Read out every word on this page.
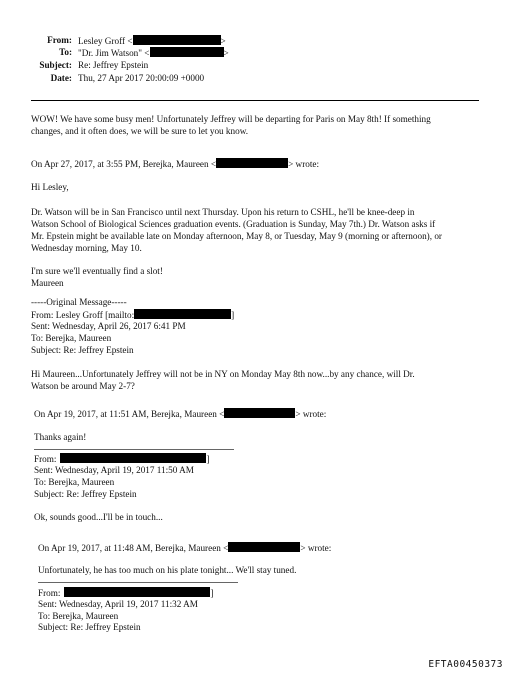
From: Lesley Groff <	>
To: "Dr. Jim Watson" <	>
Subject: Re: Jeffrey Epstein
Date: Thu, 27 Apr 2017 20:00:09 +0000
WOW! We have some busy men! Unfortunately Jeffrey will be departing for Paris on May 8th! If something
changes, and it often does, we will be sure to let you know.
On Apr 27, 2017, at 3:55 PM, Berejka, Maureen <	> wrote:
Hi Lesley,
Dr. Watson will be in San Francisco until next Thursday. Upon his return to CSHL, he'll be knee-deep in
Watson School of Biological Sciences graduation events. (Graduation is Sunday, May 7th.) Dr. Watson asks if
Mr. Epstein might be available late on Monday afternoon, May 8, or Tuesday, May 9 (morning or afternoon), or
Wednesday morning, May 10.
I'm sure we'll eventually find a slot!
Maureen
-----Original Message-----
From: Lesley Groff [mailto:	]
Sent: Wednesday, April 26, 2017 6:41 PM
To: Berejka, Maureen
Subject: Re: Jeffrey Epstein
Hi Maureen...Unfortunately Jeffrey will not be in NY on Monday May 8th now...by any chance, will Dr.
Watson be around May 2-7?
On Apr 19, 2017, at 11:51 AM, Berejka, Maureen <	> wrote:
Thanks again!
From:	]
Sent: Wednesday, April 19, 2017 11:50 AM
To: Berejka, Maureen
Subject: Re: Jeffrey Epstein
Ok, sounds good...I'll be in touch...
On Apr 19, 2017, at 11:48 AM, Berejka, Maureen <	> wrote:
Unfortunately, he has too much on his plate tonight... We'll stay tuned.
From:	]
Sent: Wednesday, April 19, 2017 11:32 AM
To: Berejka, Maureen
Subject: Re: Jeffrey Epstein
EFTA00450373
